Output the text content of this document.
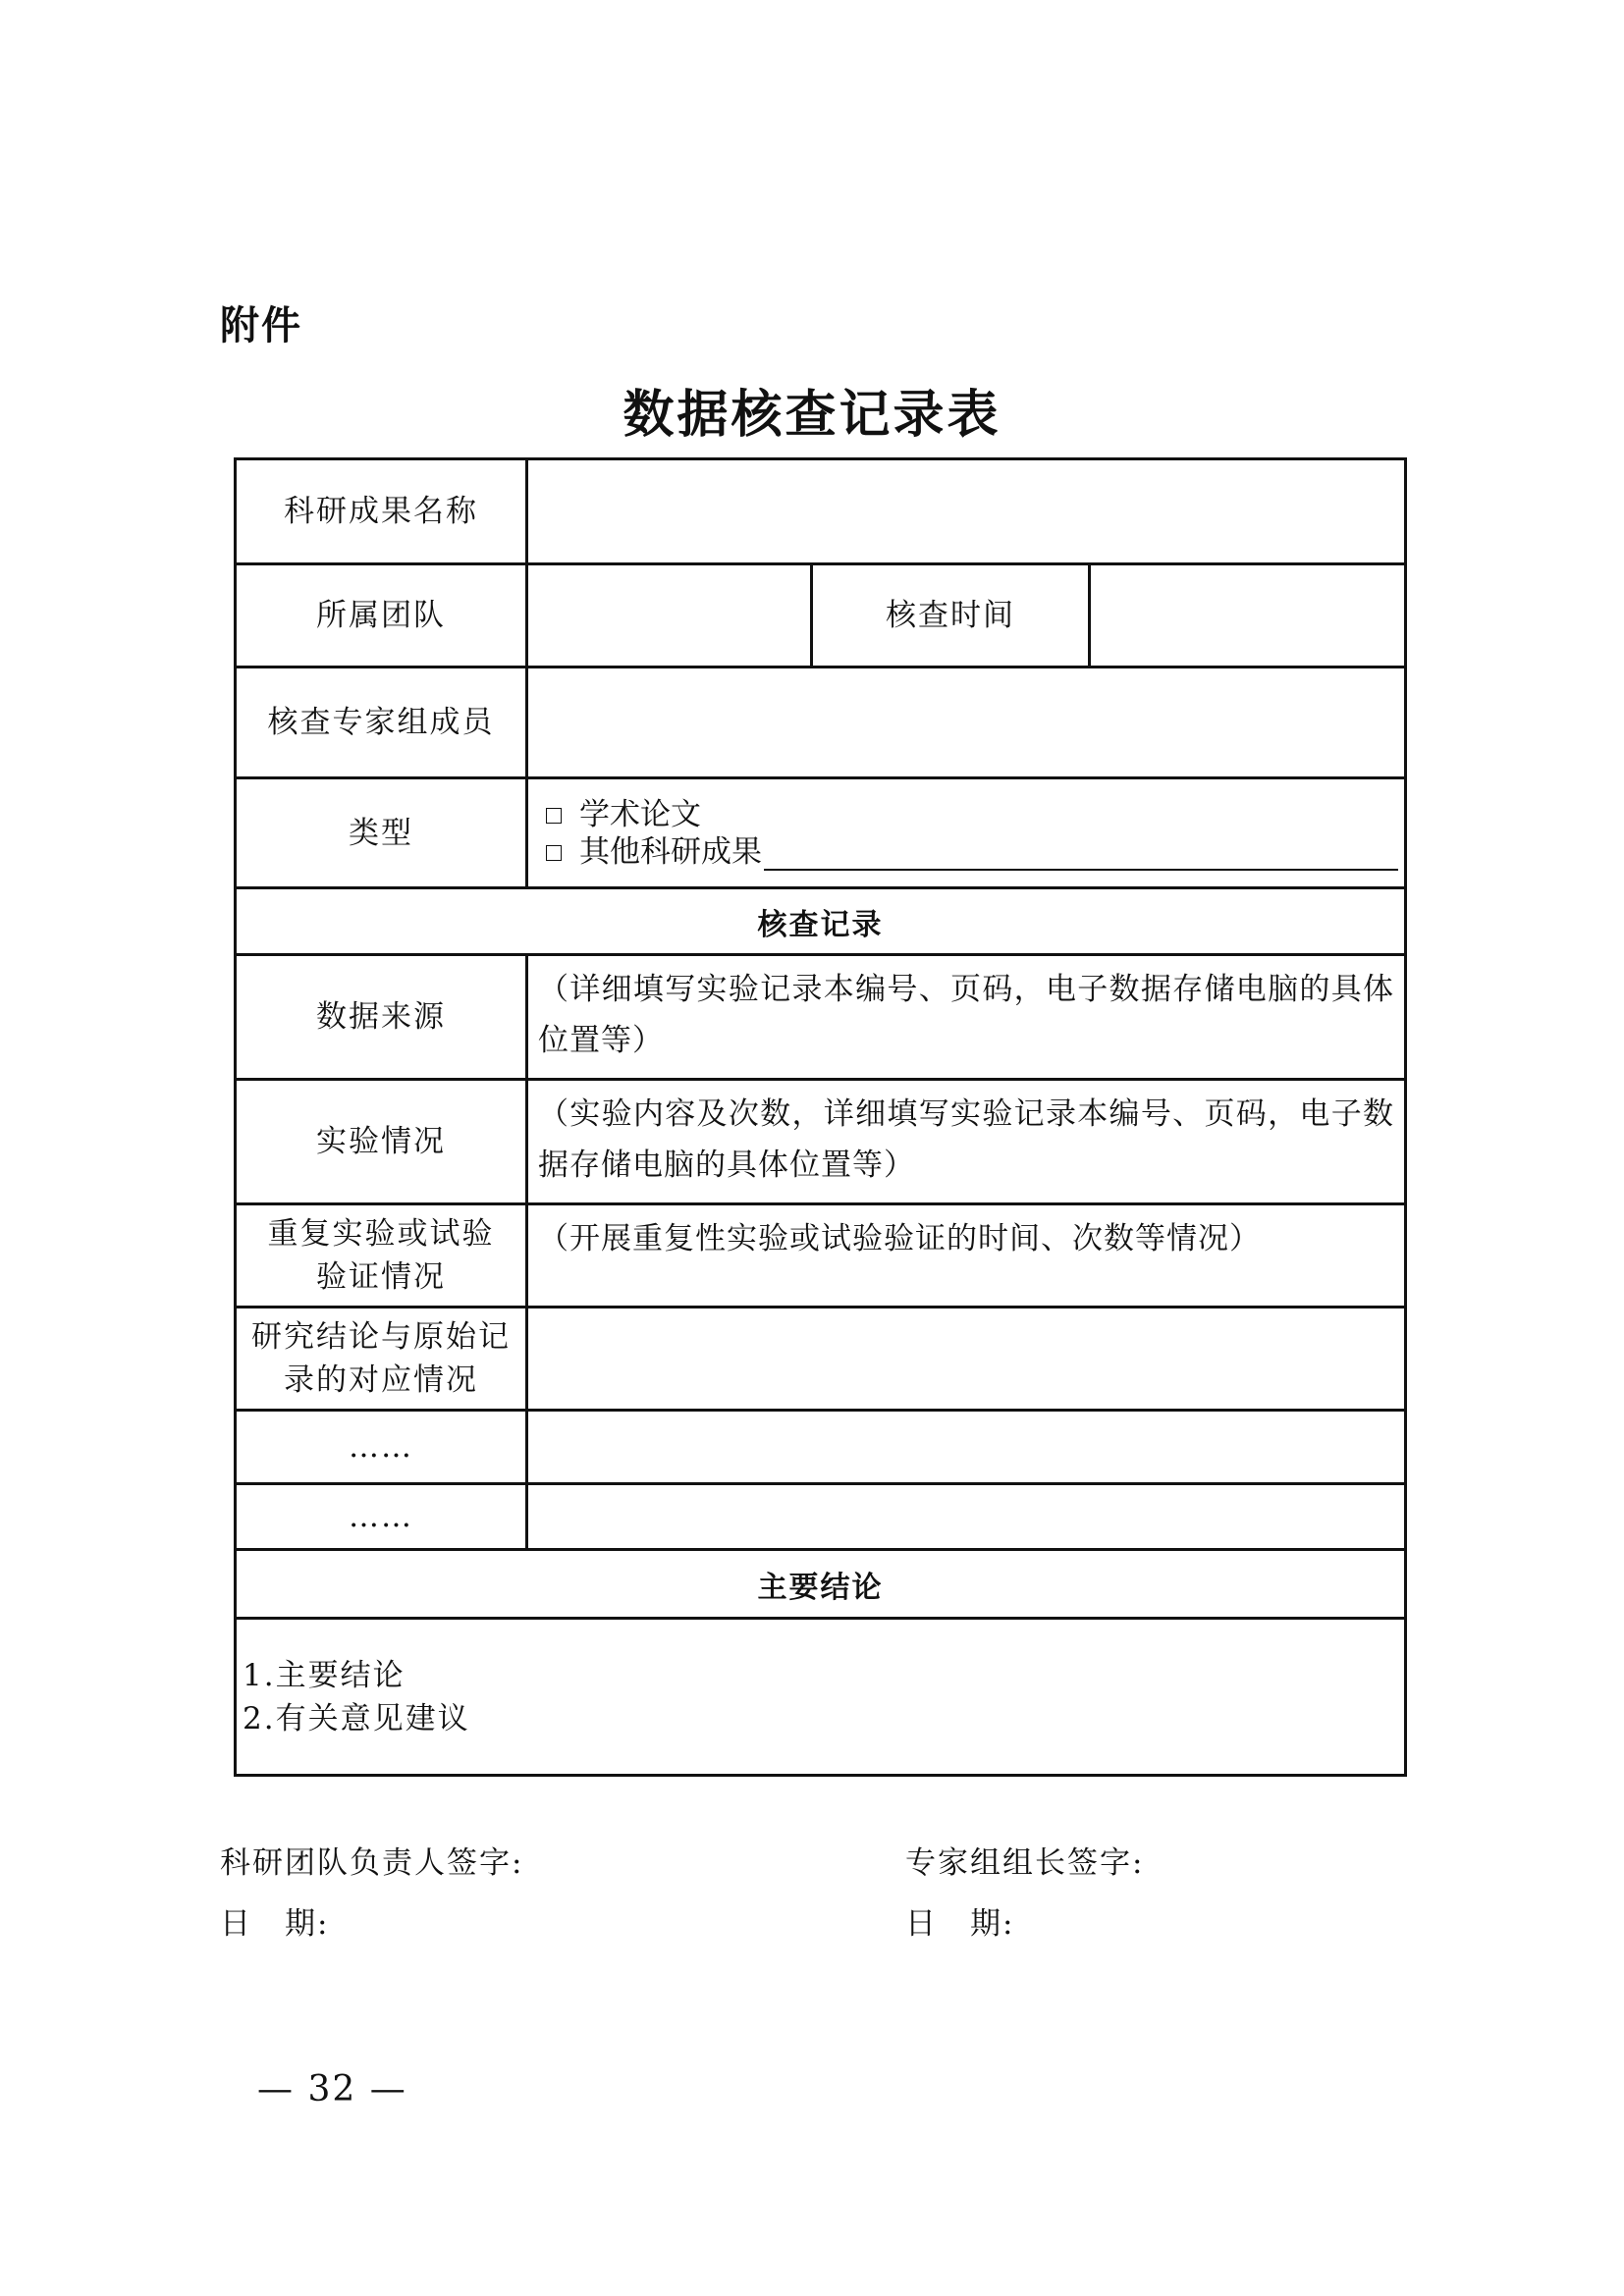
附件
数据核查记录表
科研成果名称			
所属团队		核查时间	
核查专家组成员			
类型	学术论文
其他科研成果		

核查记录			
数据来源	（详细填写实验记录本编号、页码，电子数据存储电脑的具体位置等）		
实验情况	（实验内容及次数，详细填写实验记录本编号、页码，电子数据存储电脑的具体位置等）		

重复实验或试验
验证情况	（开展重复性实验或试验验证的时间、次数等情况）		

研究结论与原始记
录的对应情况			

……			
……			
主要结论			

1.主要结论
2.有关意见建议			
科研团队负责人签字:
日　期:
专家组组长签字:
日　期:
— 32 —
